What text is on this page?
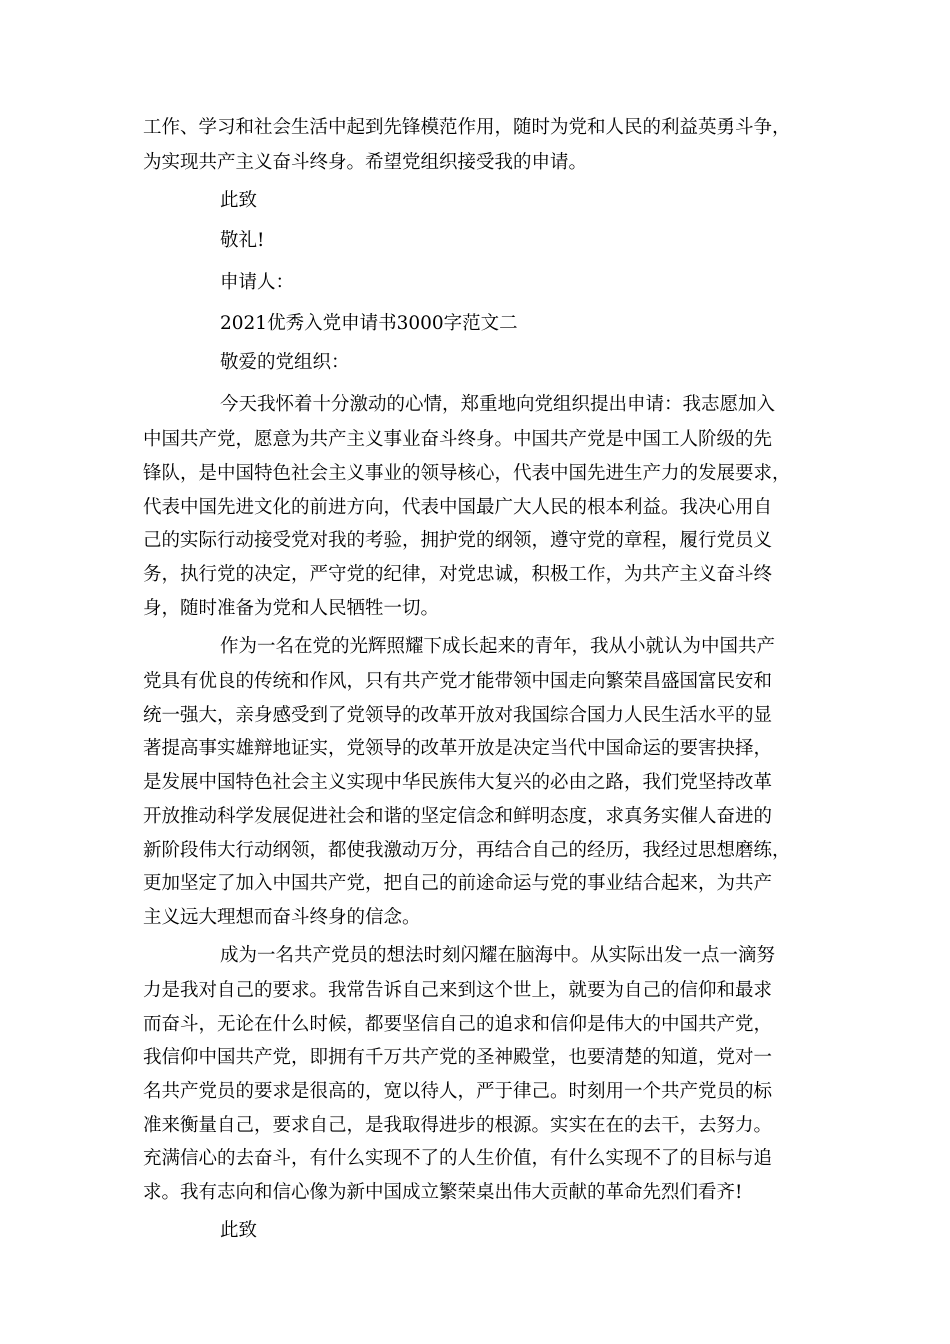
工作、学习和社会生活中起到先锋模范作用，随时为党和人民的利益英勇斗争，

为实现共产主义奋斗终身。希望党组织接受我的申请。

此致

敬礼!

申请人：

2021优秀入党申请书3000字范文二

敬爱的党组织：

今天我怀着十分激动的心情，郑重地向党组织提出申请：我志愿加入

中国共产党，愿意为共产主义事业奋斗终身。中国共产党是中国工人阶级的先

锋队，是中国特色社会主义事业的领导核心，代表中国先进生产力的发展要求，

代表中国先进文化的前进方向，代表中国最广大人民的根本利益。我决心用自

己的实际行动接受党对我的考验，拥护党的纲领，遵守党的章程，履行党员义

务，执行党的决定，严守党的纪律，对党忠诚，积极工作，为共产主义奋斗终

身，随时准备为党和人民牺牲一切。

作为一名在党的光辉照耀下成长起来的青年，我从小就认为中国共产

党具有优良的传统和作风，只有共产党才能带领中国走向繁荣昌盛国富民安和

统一强大，亲身感受到了党领导的改革开放对我国综合国力人民生活水平的显

著提高事实雄辩地证实，党领导的改革开放是决定当代中国命运的要害抉择，

是发展中国特色社会主义实现中华民族伟大复兴的必由之路，我们党坚持改革

开放推动科学发展促进社会和谐的坚定信念和鲜明态度，求真务实催人奋进的

新阶段伟大行动纲领，都使我激动万分，再结合自己的经历，我经过思想磨练，

更加坚定了加入中国共产党，把自己的前途命运与党的事业结合起来，为共产

主义远大理想而奋斗终身的信念。

成为一名共产党员的想法时刻闪耀在脑海中。从实际出发一点一滴努

力是我对自己的要求。我常告诉自己来到这个世上，就要为自己的信仰和最求

而奋斗，无论在什么时候，都要坚信自己的追求和信仰是伟大的中国共产党，

我信仰中国共产党，即拥有千万共产党的圣神殿堂，也要清楚的知道，党对一

名共产党员的要求是很高的，宽以待人，严于律己。时刻用一个共产党员的标

准来衡量自己，要求自己，是我取得进步的根源。实实在在的去干，去努力。

充满信心的去奋斗，有什么实现不了的人生价值，有什么实现不了的目标与追

求。我有志向和信心像为新中国成立繁荣桌出伟大贡献的革命先烈们看齐!

此致
